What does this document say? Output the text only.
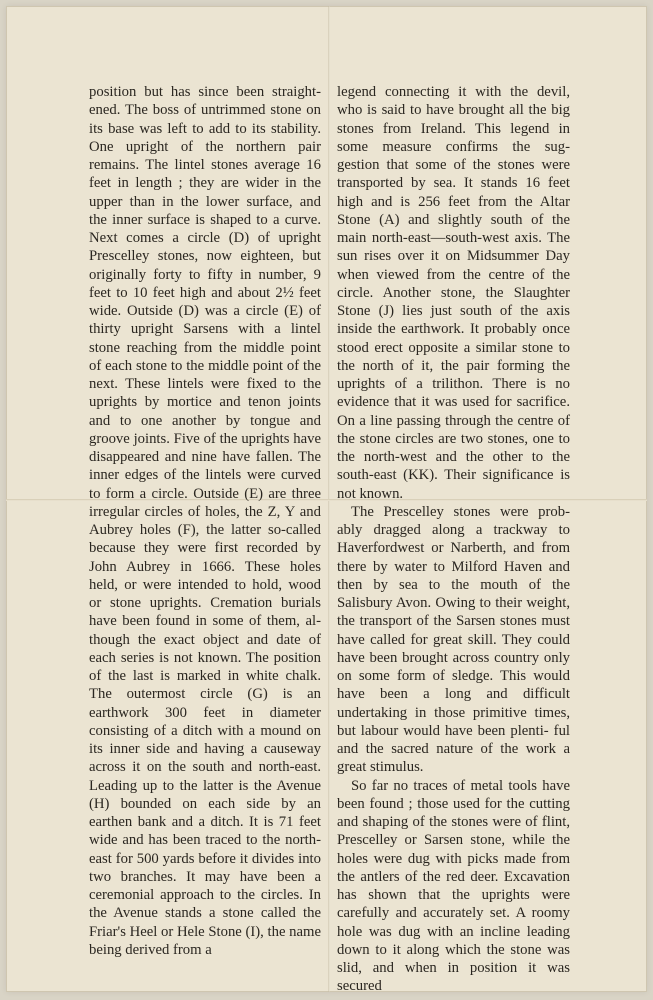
position but has since been straight- ened. The boss of untrimmed stone on its base was left to add to its stability. One upright of the northern pair remains. The lintel stones average 16 feet in length ; they are wider in the upper than in the lower surface, and the inner surface is shaped to a curve. Next comes a circle (D) of upright Prescelley stones, now eighteen, but originally forty to fifty in number, 9 feet to 10 feet high and about 2½ feet wide. Outside (D) was a circle (E) of thirty upright Sarsens with a lintel stone reaching from the middle point of each stone to the middle point of the next. These lintels were fixed to the uprights by mortice and tenon joints and to one another by tongue and groove joints. Five of the uprights have disappeared and nine have fallen. The inner edges of the lintels were curved to form a circle. Outside (E) are three irregular circles of holes, the Z, Y and Aubrey holes (F), the latter so-called because they were first recorded by John Aubrey in 1666. These holes held, or were intended to hold, wood or stone uprights. Cremation burials have been found in some of them, al- though the exact object and date of each series is not known. The position of the last is marked in white chalk. The outermost circle (G) is an earthwork 300 feet in diameter consisting of a ditch with a mound on its inner side and having a causeway across it on the south and north-east. Leading up to the latter is the Avenue (H) bounded on each side by an earthen bank and a ditch. It is 71 feet wide and has been traced to the north-east for 500 yards before it divides into two branches. It may have been a ceremonial approach to the circles. In the Avenue stands a stone called the Friar's Heel or Hele Stone (I), the name being derived from a

legend connecting it with the devil, who is said to have brought all the big stones from Ireland. This legend in some measure confirms the sug- gestion that some of the stones were transported by sea. It stands 16 feet high and is 256 feet from the Altar Stone (A) and slightly south of the main north-east—south-west axis. The sun rises over it on Midsummer Day when viewed from the centre of the circle. Another stone, the Slaughter Stone (J) lies just south of the axis inside the earthwork. It probably once stood erect opposite a similar stone to the north of it, the pair forming the uprights of a trilithon. There is no evidence that it was used for sacrifice. On a line passing through the centre of the stone circles are two stones, one to the north-west and the other to the south-east (KK). Their significance is not known.

The Prescelley stones were prob- ably dragged along a trackway to Haverfordwest or Narberth, and from there by water to Milford Haven and then by sea to the mouth of the Salisbury Avon. Owing to their weight, the transport of the Sarsen stones must have called for great skill. They could have been brought across country only on some form of sledge. This would have been a long and difficult undertaking in those primitive times, but labour would have been plenti- ful and the sacred nature of the work a great stimulus.

So far no traces of metal tools have been found ; those used for the cutting and shaping of the stones were of flint, Prescelley or Sarsen stone, while the holes were dug with picks made from the antlers of the red deer. Excavation has shown that the uprights were carefully and accurately set. A roomy hole was dug with an incline leading down to it along which the stone was slid, and when in position it was secured
